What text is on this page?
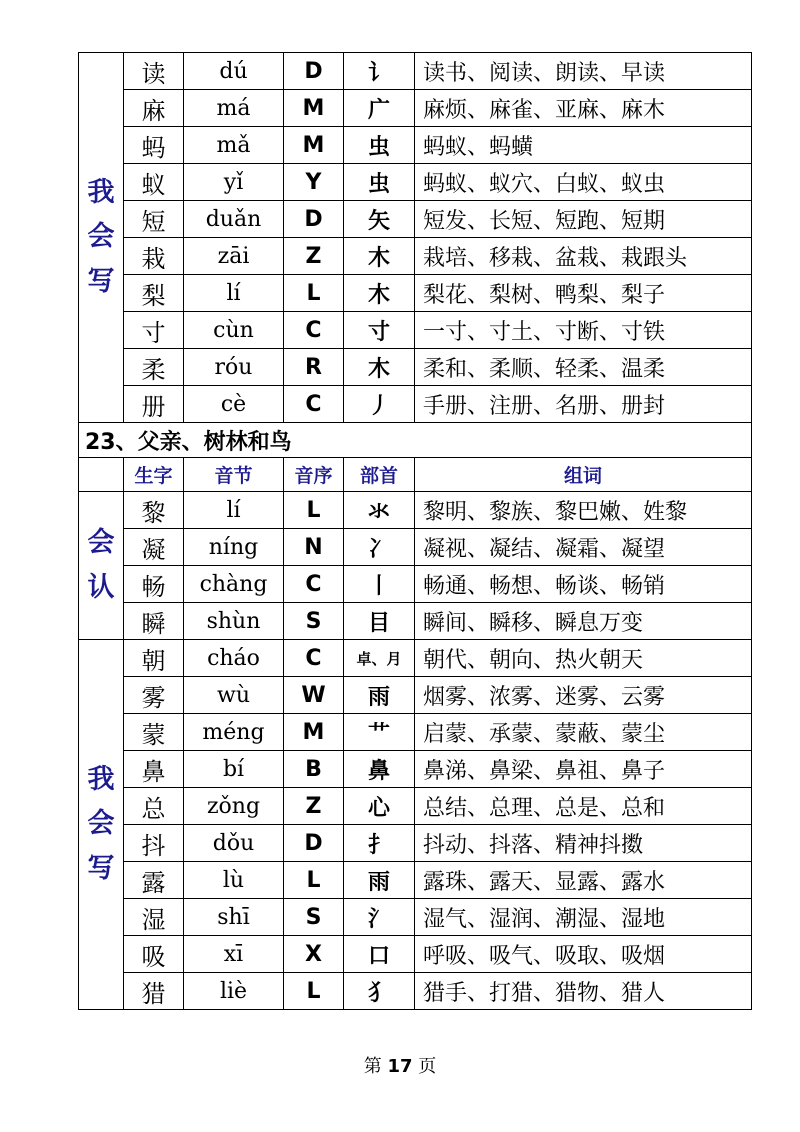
我
会
写	读	dú	D	讠	读书、阅读、朗读、早读
	麻	má	M	广	麻烦、麻雀、亚麻、麻木
	蚂	mǎ	M	虫	蚂蚁、蚂蟥
	蚁	yǐ	Y	虫	蚂蚁、蚁穴、白蚁、蚁虫
	短	duǎn	D	矢	短发、长短、短跑、短期
	栽	zāi	Z	木	栽培、移栽、盆栽、栽跟头
	梨	lí	L	木	梨花、梨树、鸭梨、梨子
	寸	cùn	C	寸	一寸、寸土、寸断、寸铁
	柔	róu	R	木	柔和、柔顺、轻柔、温柔
	册	cè	C	丿	手册、注册、名册、册封
23、父亲、树林和鸟					
	生字	音节	音序	部首	组词
会
认	黎	lí	L	氺	黎明、黎族、黎巴嫩、姓黎
	凝	níng	N	冫	凝视、凝结、凝霜、凝望
	畅	chàng	C	丨	畅通、畅想、畅谈、畅销
	瞬	shùn	S	目	瞬间、瞬移、瞬息万变
我
会
写	朝	cháo	C	卓、月	朝代、朝向、热火朝天
	雾	wù	W	雨	烟雾、浓雾、迷雾、云雾
	蒙	méng	M	艹	启蒙、承蒙、蒙蔽、蒙尘
	鼻	bí	B	鼻	鼻涕、鼻梁、鼻祖、鼻子
	总	zǒng	Z	心	总结、总理、总是、总和
	抖	dǒu	D	扌	抖动、抖落、精神抖擞
	露	lù	L	雨	露珠、露天、显露、露水
	湿	shī	S	氵	湿气、湿润、潮湿、湿地
	吸	xī	X	口	呼吸、吸气、吸取、吸烟
	猎	liè	L	犭	猎手、打猎、猎物、猎人
第 17 页
